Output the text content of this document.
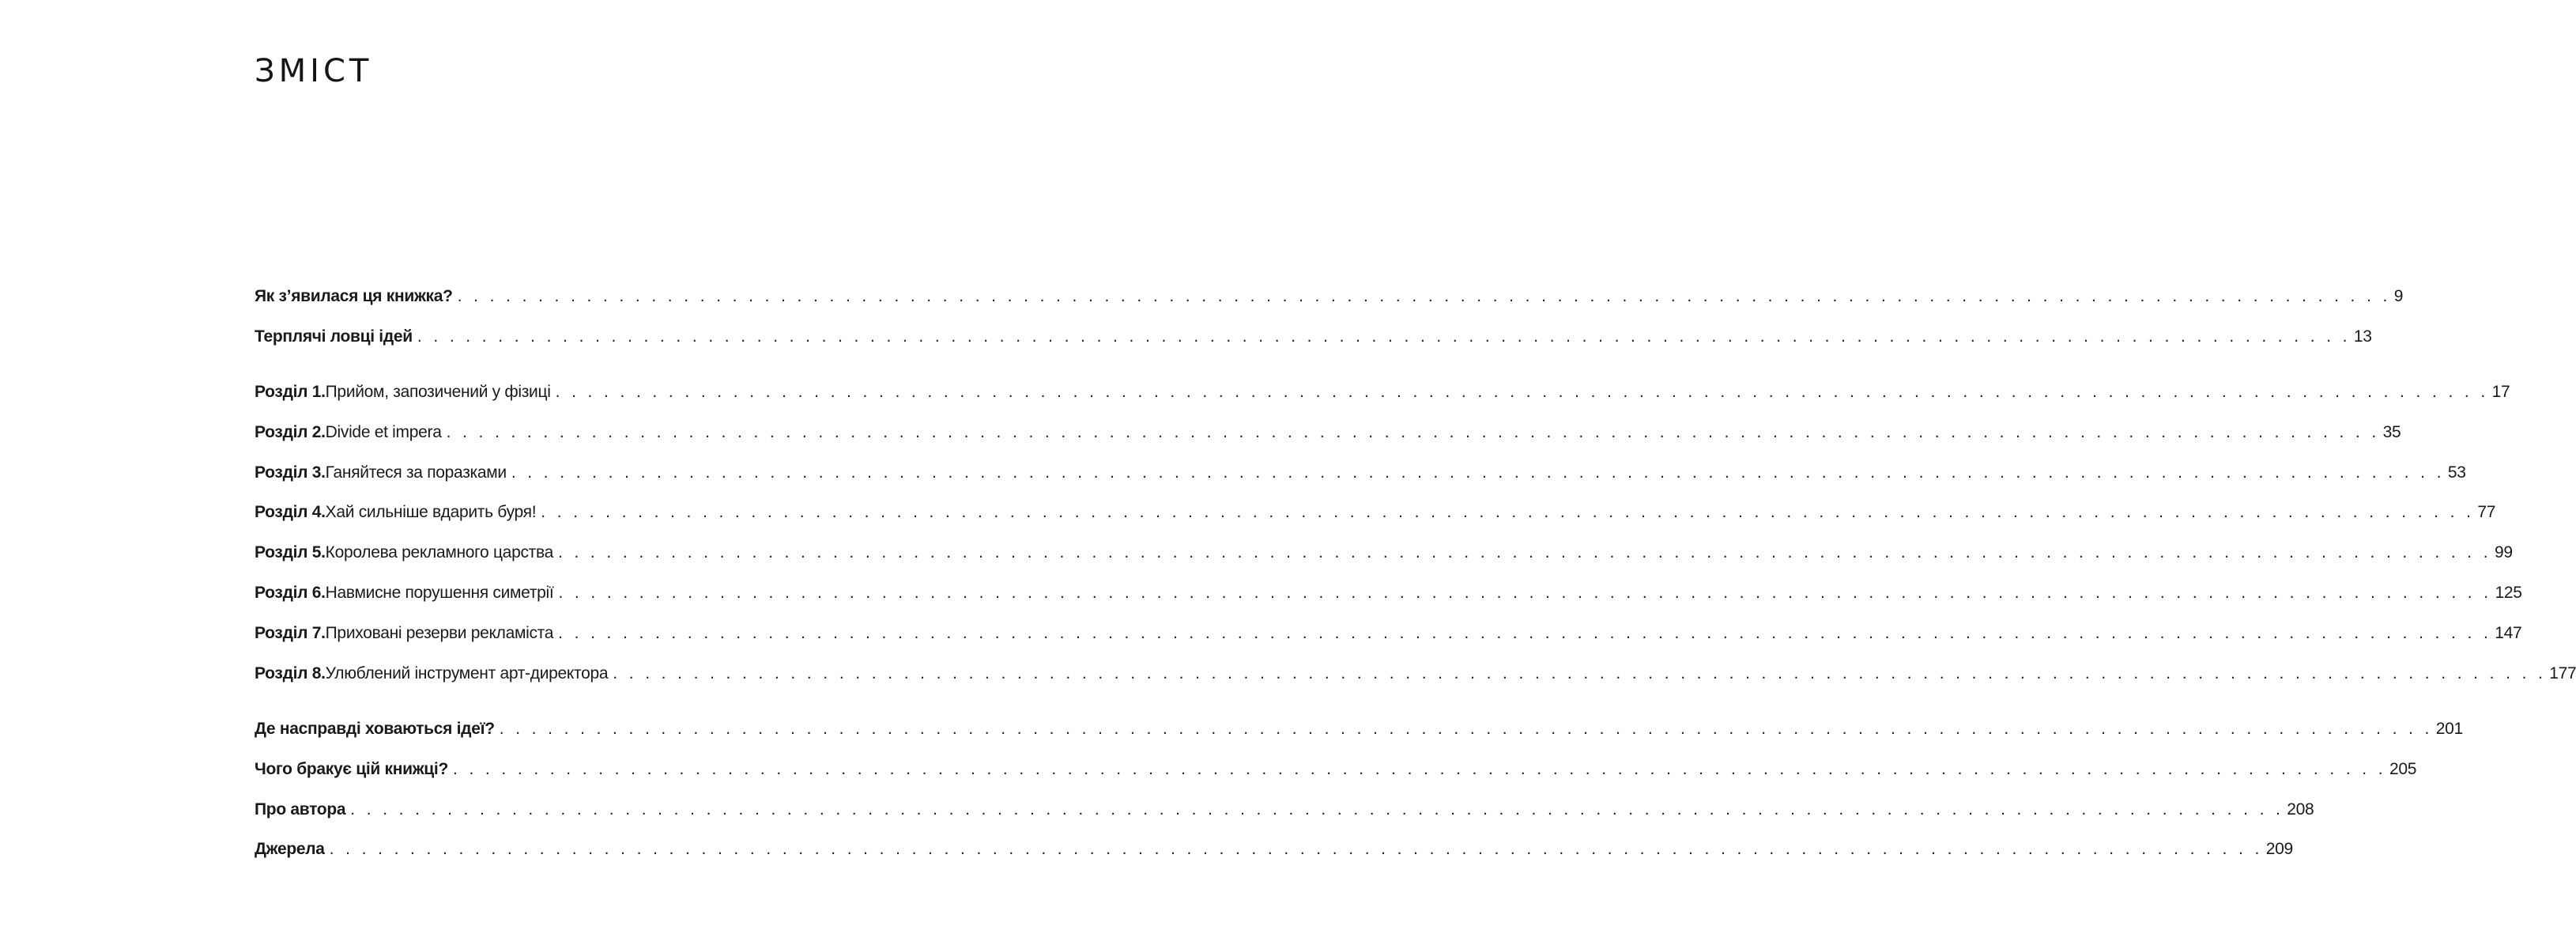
ЗМІСТ
Як з’явилася ця книжка? . . . . . . . . . . . . . . . . . . . . . . . . . . . . . . . . . . . . . . . . . . . . . . . . . . . . . . . . . . . . . . . . . . . . . . . . . . . . . . . . . . . . . . . . . . . . . . . . . . . . . . . . . . . . . . . . . . . . . . . . 9
Терплячі ловці ідей . . . . . . . . . . . . . . . . . . . . . . . . . . . . . . . . . . . . . . . . . . . . . . . . . . . . . . . . . . . . . . . . . . . . . . . . . . . . . . . . . . . . . . . . . . . . . . . . . . . . . . . . . . . . . . . . . . . . . . . . 13
Розділ 1. Прийом, запозичений у фізиці . . . . . . . . . . . . . . . . . . . . . . . . . . . . . . . . . . . . . . . . . . . . . . . . . . . . . . . . . . . . . . . . . . . . . . . . . . . . . . . . . . . . . . . . . . . . . . . . . . . . . . . . . . . . . . . . . . . . . . . . 17
Розділ 2. Divide et impera . . . . . . . . . . . . . . . . . . . . . . . . . . . . . . . . . . . . . . . . . . . . . . . . . . . . . . . . . . . . . . . . . . . . . . . . . . . . . . . . . . . . . . . . . . . . . . . . . . . . . . . . . . . . . . . . . . . . . . . . 35
Розділ 3. Ганяйтеся за поразками . . . . . . . . . . . . . . . . . . . . . . . . . . . . . . . . . . . . . . . . . . . . . . . . . . . . . . . . . . . . . . . . . . . . . . . . . . . . . . . . . . . . . . . . . . . . . . . . . . . . . . . . . . . . . . . . . . . . . . . . 53
Розділ 4. Хай сильніше вдарить буря! . . . . . . . . . . . . . . . . . . . . . . . . . . . . . . . . . . . . . . . . . . . . . . . . . . . . . . . . . . . . . . . . . . . . . . . . . . . . . . . . . . . . . . . . . . . . . . . . . . . . . . . . . . . . . . . . . . . . . . . . 77
Розділ 5. Королева рекламного царства . . . . . . . . . . . . . . . . . . . . . . . . . . . . . . . . . . . . . . . . . . . . . . . . . . . . . . . . . . . . . . . . . . . . . . . . . . . . . . . . . . . . . . . . . . . . . . . . . . . . . . . . . . . . . . . . . . . . . . . . 99
Розділ 6. Навмисне порушення симетрії . . . . . . . . . . . . . . . . . . . . . . . . . . . . . . . . . . . . . . . . . . . . . . . . . . . . . . . . . . . . . . . . . . . . . . . . . . . . . . . . . . . . . . . . . . . . . . . . . . . . . . . . . . . . . . . . . . . . . . . . 125
Розділ 7. Приховані резерви рекламіста . . . . . . . . . . . . . . . . . . . . . . . . . . . . . . . . . . . . . . . . . . . . . . . . . . . . . . . . . . . . . . . . . . . . . . . . . . . . . . . . . . . . . . . . . . . . . . . . . . . . . . . . . . . . . . . . . . . . . . . . 147
Розділ 8. Улюблений інструмент арт-директора . . . . . . . . . . . . . . . . . . . . . . . . . . . . . . . . . . . . . . . . . . . . . . . . . . . . . . . . . . . . . . . . . . . . . . . . . . . . . . . . . . . . . . . . . . . . . . . . . . . . . . . . . . . . . . . . . . . . . . . . 177
Де насправді ховаються ідеї? . . . . . . . . . . . . . . . . . . . . . . . . . . . . . . . . . . . . . . . . . . . . . . . . . . . . . . . . . . . . . . . . . . . . . . . . . . . . . . . . . . . . . . . . . . . . . . . . . . . . . . . . . . . . . . . . . . . . . . . . 201
Чого бракує цій книжці? . . . . . . . . . . . . . . . . . . . . . . . . . . . . . . . . . . . . . . . . . . . . . . . . . . . . . . . . . . . . . . . . . . . . . . . . . . . . . . . . . . . . . . . . . . . . . . . . . . . . . . . . . . . . . . . . . . . . . . . . 205
Про автора . . . . . . . . . . . . . . . . . . . . . . . . . . . . . . . . . . . . . . . . . . . . . . . . . . . . . . . . . . . . . . . . . . . . . . . . . . . . . . . . . . . . . . . . . . . . . . . . . . . . . . . . . . . . . . . . . . . . . . . . 208
Джерела . . . . . . . . . . . . . . . . . . . . . . . . . . . . . . . . . . . . . . . . . . . . . . . . . . . . . . . . . . . . . . . . . . . . . . . . . . . . . . . . . . . . . . . . . . . . . . . . . . . . . . . . . . . . . . . . . . . . . . . . 209
